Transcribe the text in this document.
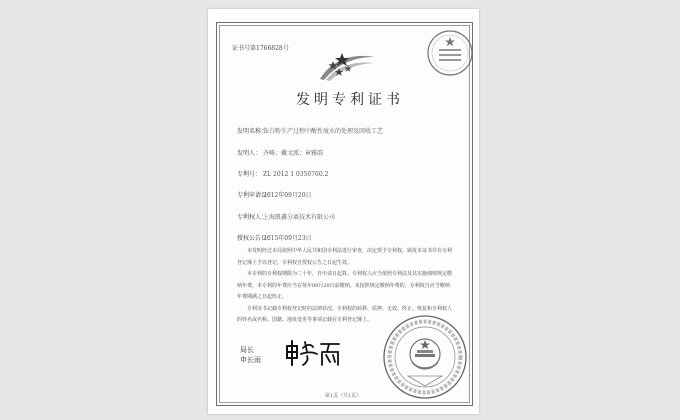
证书号第1766828号
发明专利证书
发明名称：钛白粉生产过程中酸性废水的处理及回收工艺
发明人： 齐峰；戴文派；章雅韵
专利号： ZL 2012 1 0350760.2
专利申请日：2012年09月20日
专利权人：上海凯鑫分离技术有限公司
授权公告日：2015年09月23日

本发明经过本局依照中华人民共和国专利法进行审查，决定授予专利权，颁发本证书并在专利登记簿上予以登记。专利权自授权公告之日起生效。

本专利的专利权期限为二十年，自申请日起算。专利权人应当依照专利法及其实施细则规定缴纳年费。本专利的年费应当在每年09月20日前缴纳。未按照规定缴纳年费的，专利权自应当缴纳年费期满之日起终止。

专利证书记载专利权登记时的法律状况。专利权的转移、质押、无效、终止、恢复和专利权人的姓名或名称、国籍、地址变更等事项记载在专利登记簿上。

局长
申长雨
第1页（共1页）
